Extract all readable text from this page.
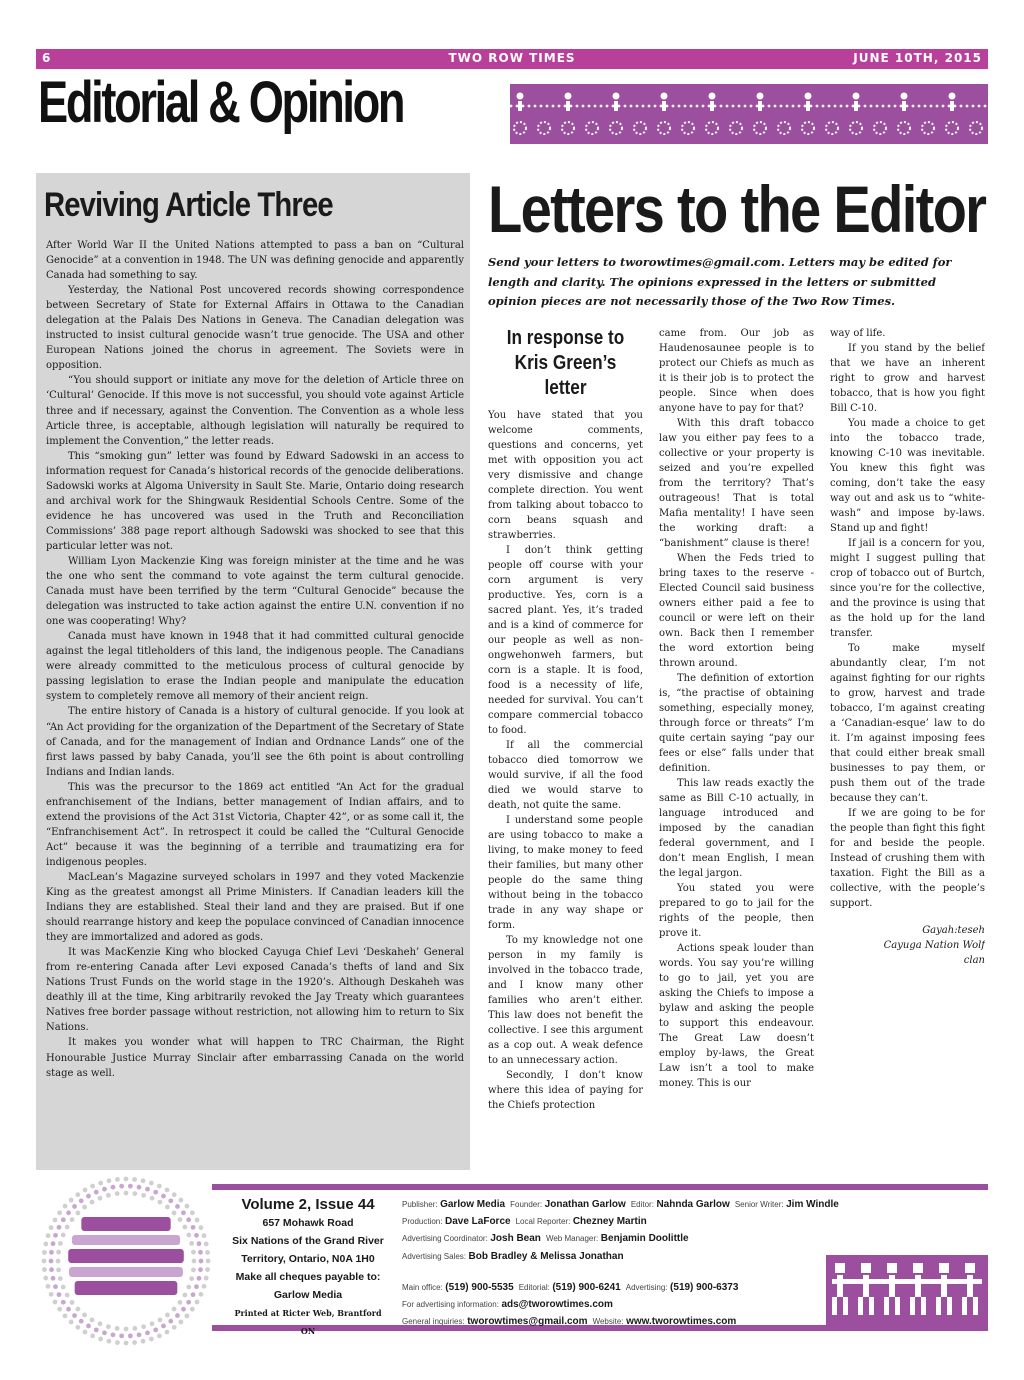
6	TWO ROW TIMES	JUNE 10TH, 2015
Editorial & Opinion
Reviving Article Three

After World War II the United Nations attempted to pass a ban on “Cultural Genocide” at a convention in 1948. The UN was defining genocide and apparently Canada had something to say.

Yesterday, the National Post uncovered records showing correspondence between Secretary of State for External Affairs in Ottawa to the Canadian delegation at the Palais Des Nations in Geneva. The Canadian delegation was instructed to insist cultural genocide wasn’t true genocide. The USA and other European Nations joined the chorus in agreement. The Soviets were in opposition.

“You should support or initiate any move for the deletion of Article three on ‘Cultural’ Genocide. If this move is not successful, you should vote against Article three and if necessary, against the Convention. The Convention as a whole less Article three, is acceptable, although legislation will naturally be required to implement the Convention,” the letter reads.

This “smoking gun” letter was found by Edward Sadowski in an access to information request for Canada’s historical records of the genocide deliberations. Sadowski works at Algoma University in Sault Ste. Marie, Ontario doing research and archival work for the Shingwauk Residential Schools Centre. Some of the evidence he has uncovered was used in the Truth and Reconciliation Commissions’ 388 page report although Sadowski was shocked to see that this particular letter was not.

William Lyon Mackenzie King was foreign minister at the time and he was the one who sent the command to vote against the term cultural genocide. Canada must have been terrified by the term “Cultural Genocide” because the delegation was instructed to take action against the entire U.N. convention if no one was cooperating! Why?

Canada must have known in 1948 that it had committed cultural genocide against the legal titleholders of this land, the indigenous people. The Canadians were already committed to the meticulous process of cultural genocide by passing legislation to erase the Indian people and manipulate the education system to completely remove all memory of their ancient reign.

The entire history of Canada is a history of cultural genocide. If you look at “An Act providing for the organization of the Department of the Secretary of State of Canada, and for the management of Indian and Ordnance Lands” one of the first laws passed by baby Canada, you’ll see the 6th point is about controlling Indians and Indian lands.

This was the precursor to the 1869 act entitled “An Act for the gradual enfranchisement of the Indians, better management of Indian affairs, and to extend the provisions of the Act 31st Victoria, Chapter 42”, or as some call it, the “Enfranchisement Act”. In retrospect it could be called the “Cultural Genocide Act” because it was the beginning of a terrible and traumatizing era for indigenous peoples.

MacLean’s Magazine surveyed scholars in 1997 and they voted Mackenzie King as the greatest amongst all Prime Ministers. If Canadian leaders kill the Indians they are established. Steal their land and they are praised. But if one should rearrange history and keep the populace convinced of Canadian innocence they are immortalized and adored as gods.

It was MacKenzie King who blocked Cayuga Chief Levi ‘Deskaheh’ General from re-entering Canada after Levi exposed Canada’s thefts of land and Six Nations Trust Funds on the world stage in the 1920’s. Although Deskaheh was deathly ill at the time, King arbitrarily revoked the Jay Treaty which guarantees Natives free border passage without restriction, not allowing him to return to Six Nations.

It makes you wonder what will happen to TRC Chairman, the Right Honourable Justice Murray Sinclair after embarrassing Canada on the world stage as well.

Letters to the Editor
Send your letters to tworowtimes@gmail.com. Letters may be edited for length and clarity. The opinions expressed in the letters or submitted opinion pieces are not necessarily those of the Two Row Times.
In response to Kris Green’s letter

You have stated that you welcome comments, questions and concerns, yet met with opposition you act very dismissive and change complete direction. You went from talking about tobacco to corn beans squash and strawberries.

I don’t think getting people off course with your corn argument is very productive. Yes, corn is a sacred plant. Yes, it’s traded and is a kind of commerce for our people as well as non-ongwehonweh farmers, but corn is a staple. It is food, food is a necessity of life, needed for survival. You can’t compare commercial tobacco to food.

If all the commercial tobacco died tomorrow we would survive, if all the food died we would starve to death, not quite the same.

I understand some people are using tobacco to make a living, to make money to feed their families, but many other people do the same thing without being in the tobacco trade in any way shape or form.

To my knowledge not one person in my family is involved in the tobacco trade, and I know many other families who aren’t either. This law does not benefit the collective. I see this argument as a cop out. A weak defence to an unnecessary action.

Secondly, I don’t know where this idea of paying for the Chiefs protection

came from. Our job as Haudenosaunee people is to protect our Chiefs as much as it is their job is to protect the people. Since when does anyone have to pay for that?

With this draft tobacco law you either pay fees to a collective or your property is seized and you’re expelled from the territory? That’s outrageous! That is total Mafia mentality! I have seen the working draft: a “banishment” clause is there!

When the Feds tried to bring taxes to the reserve - Elected Council said business owners either paid a fee to council or were left on their own. Back then I remember the word extortion being thrown around.

The definition of extortion is, “the practise of obtaining something, especially money, through force or threats” I’m quite certain saying “pay our fees or else” falls under that definition.

This law reads exactly the same as Bill C-10 actually, in language introduced and imposed by the canadian federal government, and I don’t mean English, I mean the legal jargon.

You stated you were prepared to go to jail for the rights of the people, then prove it.

Actions speak louder than words. You say you’re willing to go to jail, yet you are asking the Chiefs to impose a bylaw and asking the people to support this endeavour. The Great Law doesn’t employ by-laws, the Great Law isn’t a tool to make money. This is our

way of life.

If you stand by the belief that we have an inherent right to grow and harvest tobacco, that is how you fight Bill C-10.

You made a choice to get into the tobacco trade, knowing C-10 was inevitable. You knew this fight was coming, don’t take the easy way out and ask us to “white-wash” and impose by-laws. Stand up and fight!

If jail is a concern for you, might I suggest pulling that crop of tobacco out of Burtch, since you’re for the collective, and the province is using that as the hold up for the land transfer.

To make myself abundantly clear, I’m not against fighting for our rights to grow, harvest and trade tobacco, I’m against creating a ‘Canadian-esque’ law to do it. I’m against imposing fees that could either break small businesses to pay them, or push them out of the trade because they can’t.

If we are going to be for the people than fight this fight for and beside the people. Instead of crushing them with taxation. Fight the Bill as a collective, with the people’s support.

Gayah:teseh
Cayuga Nation Wolf
clan
Volume 2, Issue 44
657 Mohawk Road
Six Nations of the Grand River
Territory, Ontario, N0A 1H0
Make all cheques payable to:
Garlow Media
Printed at Ricter Web, Brantford ON
Publisher: Garlow Media Founder: Jonathan Garlow Editor: Nahnda Garlow Senior Writer: Jim Windle
Production: Dave LaForce Local Reporter: Chezney Martin
Advertising Coordinator: Josh Bean Web Manager: Benjamin Doolittle
Advertising Sales: Bob Bradley & Melissa Jonathan
Main office: (519) 900-5535 Editorial: (519) 900-6241 Advertising: (519) 900-6373
For advertising information: ads@tworowtimes.com
General inquiries: tworowtimes@gmail.com Website: www.tworowtimes.com
